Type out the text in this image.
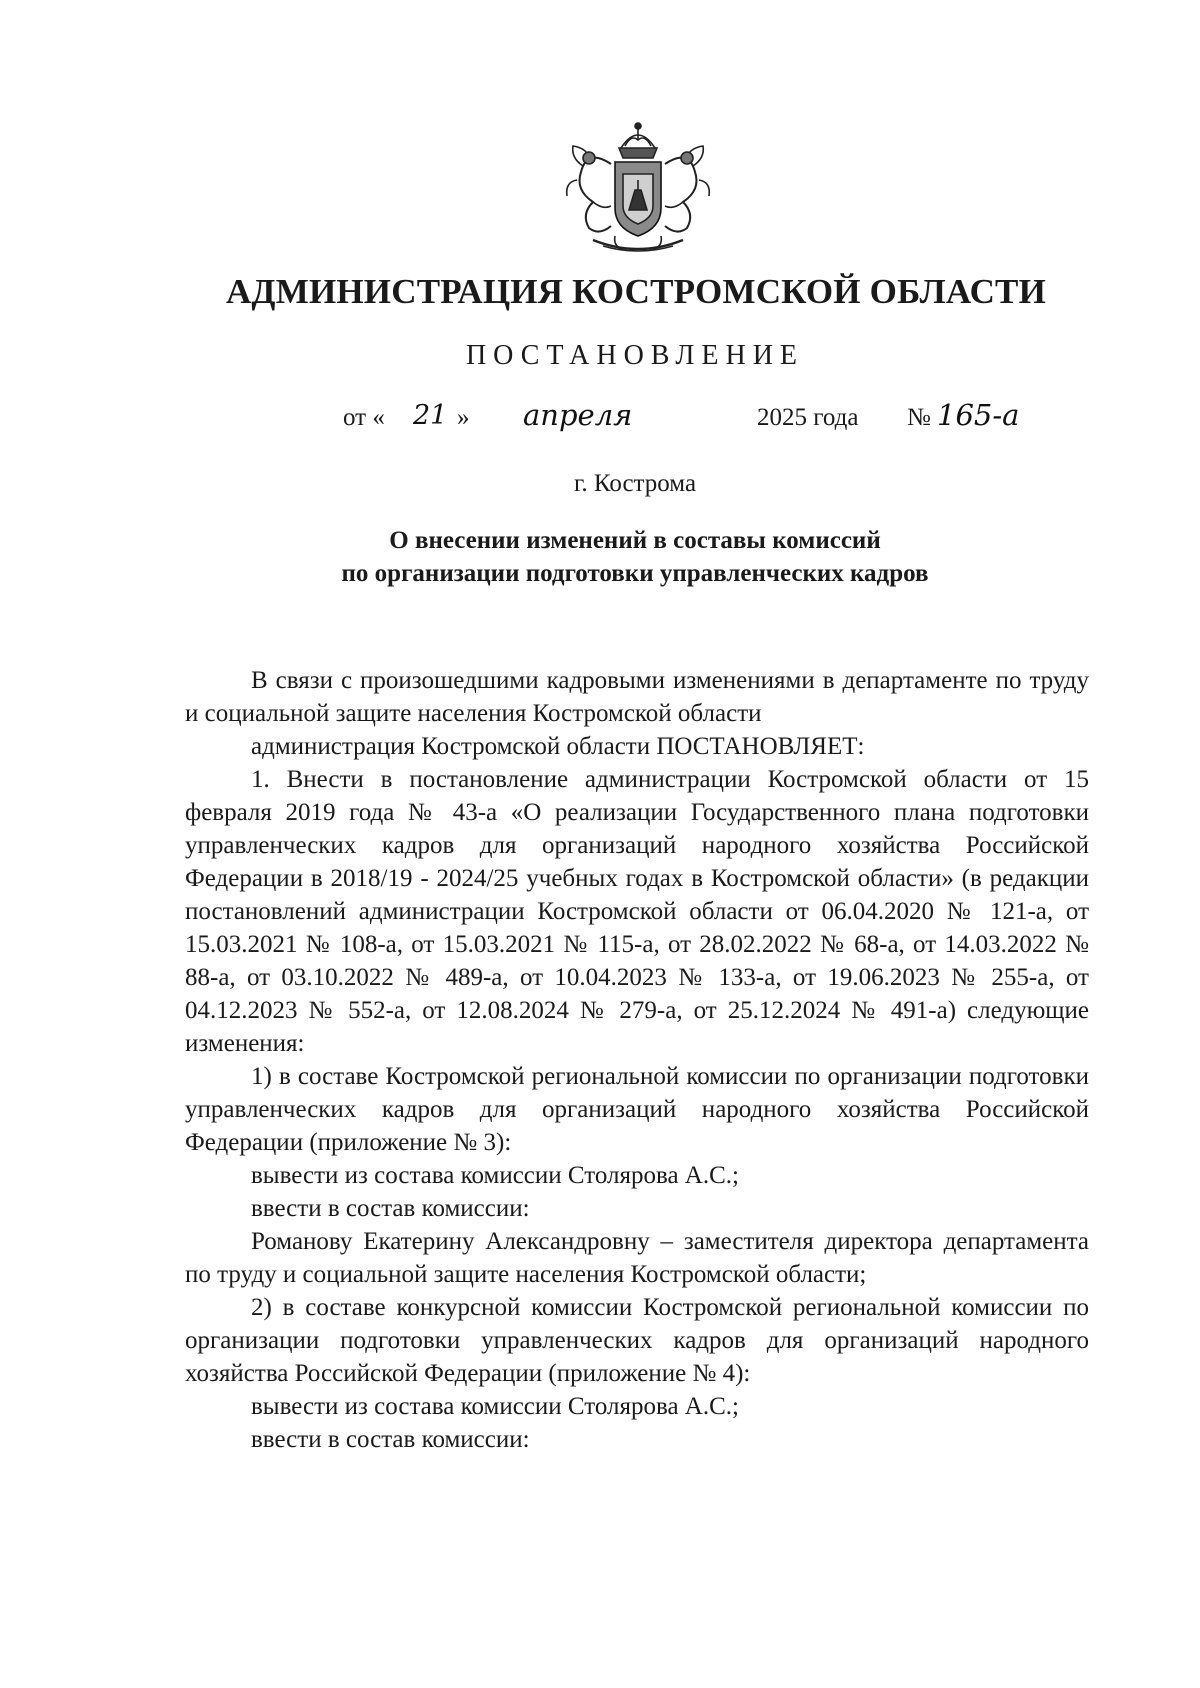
АДМИНИСТРАЦИЯ КОСТРОМСКОЙ ОБЛАСТИ
ПОСТАНОВЛЕНИЕ
от « 21 » апреля	2025 года № 165-а
г. Кострома
О внесении изменений в составы комиссий
по организации подготовки управленческих кадров

В связи с произошедшими кадровыми изменениями в департаменте по труду и социальной защите населения Костромской области

администрация Костромской области ПОСТАНОВЛЯЕТ:

1. Внести в постановление администрации Костромской области от 15 февраля 2019 года № 43-а «О реализации Государственного плана подготовки управленческих кадров для организаций народного хозяйства Российской Федерации в 2018/19 - 2024/25 учебных годах в Костромской области» (в редакции постановлений администрации Костромской области от 06.04.2020 № 121-а, от 15.03.2021 № 108-а, от 15.03.2021 № 115-а, от 28.02.2022 № 68-а, от 14.03.2022 № 88-а, от 03.10.2022 № 489-а, от 10.04.2023 № 133-а, от 19.06.2023 № 255-а, от 04.12.2023 № 552-а, от 12.08.2024 № 279-а, от 25.12.2024 № 491-а) следующие изменения:

1) в составе Костромской региональной комиссии по организации подготовки управленческих кадров для организаций народного хозяйства Российской Федерации (приложение № 3):

вывести из состава комиссии Столярова А.С.;

ввести в состав комиссии:

Романову Екатерину Александровну – заместителя директора департамента по труду и социальной защите населения Костромской области;

2) в составе конкурсной комиссии Костромской региональной комиссии по организации подготовки управленческих кадров для организаций народного хозяйства Российской Федерации (приложение № 4):

вывести из состава комиссии Столярова А.С.;

ввести в состав комиссии:
